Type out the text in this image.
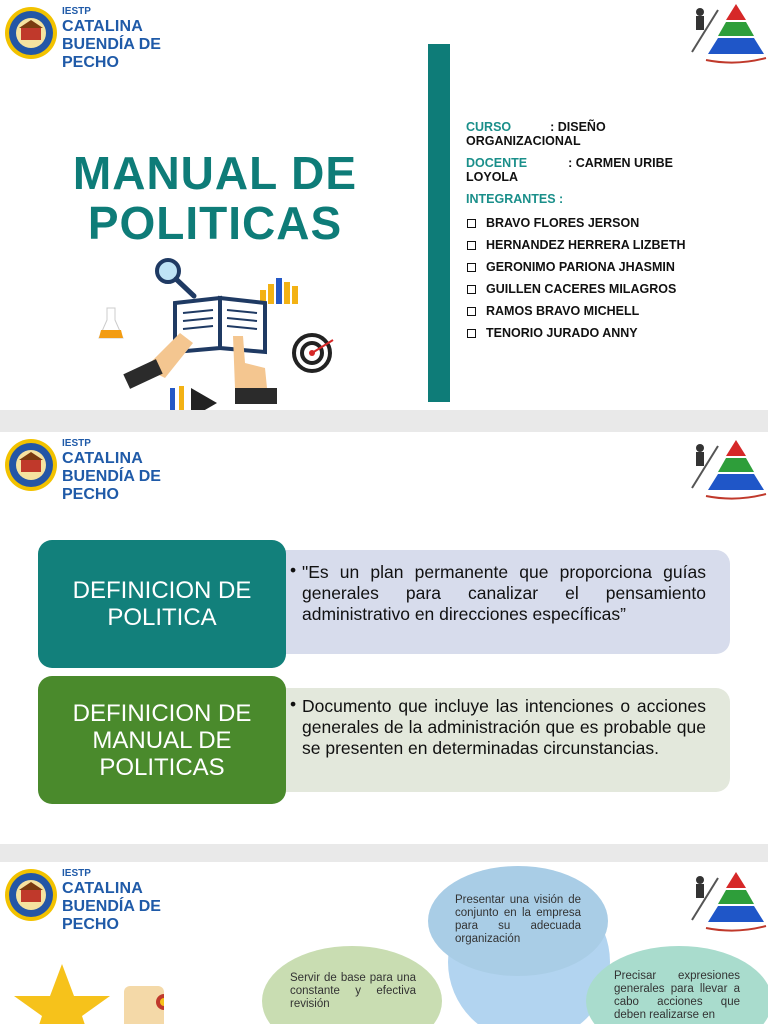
IESTP
CATALINA
BUENDÍA DE PECHO
MANUAL DE
POLITICAS
CURSO	: DISEÑO
ORGANIZACIONAL
DOCENTE	: CARMEN URIBE
LOYOLA
INTEGRANTES :
BRAVO FLORES JERSON
HERNANDEZ HERRERA LIZBETH
GERONIMO PARIONA JHASMIN
GUILLEN CACERES MILAGROS
RAMOS BRAVO MICHELL
TENORIO JURADO ANNY
IESTP
CATALINA
BUENDÍA DE PECHO
DEFINICION DE POLITICA
• "Es un plan permanente que proporciona guías generales para canalizar el pensamiento administrativo en direcciones específicas”
DEFINICION DE MANUAL DE POLITICAS
• Documento que incluye las intenciones o acciones generales de la administración que es probable que se presenten en determinadas circunstancias.
IESTP
CATALINA
BUENDÍA DE PECHO
Presentar una visión de conjunto en la empresa para su adecuada organización
Servir de base para una constante y efectiva revisión
Precisar expresiones generales para llevar a cabo acciones que deben realizarse en
